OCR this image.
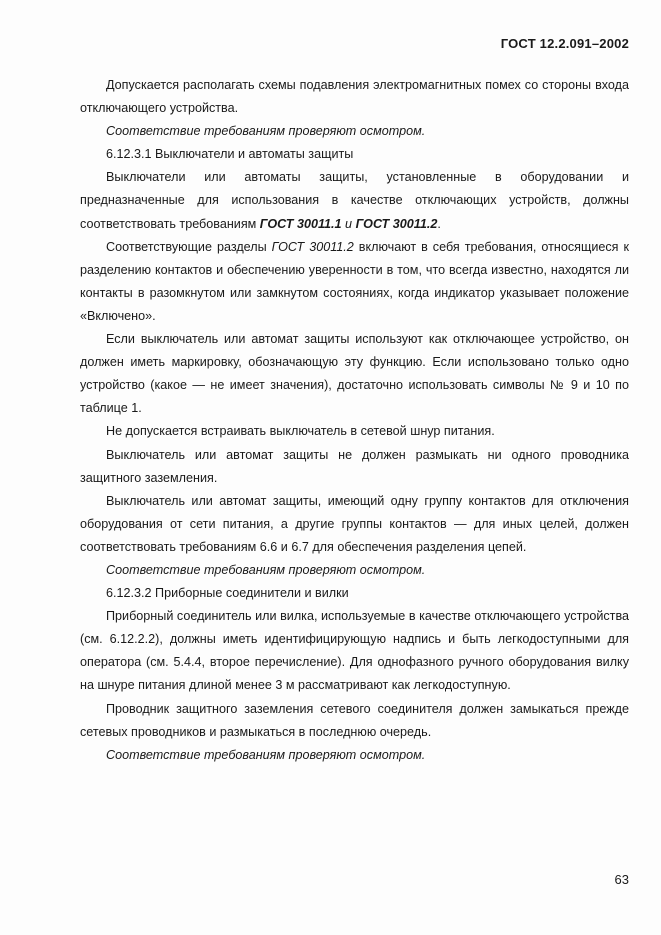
ГОСТ 12.2.091–2002

Допускается располагать схемы подавления электромагнитных помех со стороны входа отключающего устройства.

Соответствие требованиям проверяют осмотром.

6.12.3.1 Выключатели и автоматы защиты

Выключатели или автоматы защиты, установленные в оборудовании и предназначенные для использования в качестве отключающих устройств, должны соответствовать требованиям ГОСТ 30011.1 и ГОСТ 30011.2.

Соответствующие разделы ГОСТ 30011.2 включают в себя требования, относящиеся к разделению контактов и обеспечению уверенности в том, что всегда известно, находятся ли контакты в разомкнутом или замкнутом состояниях, когда индикатор указывает положение «Включено».

Если выключатель или автомат защиты используют как отключающее устройство, он должен иметь маркировку, обозначающую эту функцию. Если использовано только одно устройство (какое — не имеет значения), достаточно использовать символы № 9 и 10 по таблице 1.

Не допускается встраивать выключатель в сетевой шнур питания.

Выключатель или автомат защиты не должен размыкать ни одного проводника защитного заземления.

Выключатель или автомат защиты, имеющий одну группу контактов для отключения оборудования от сети питания, а другие группы контактов — для иных целей, должен соответствовать требованиям 6.6 и 6.7 для обеспечения разделения цепей.

Соответствие требованиям проверяют осмотром.

6.12.3.2 Приборные соединители и вилки

Приборный соединитель или вилка, используемые в качестве отключающего устройства (см. 6.12.2.2), должны иметь идентифицирующую надпись и быть легкодоступными для оператора (см. 5.4.4, второе перечисление). Для однофазного ручного оборудования вилку на шнуре питания длиной менее 3 м рассматривают как легкодоступную.

Проводник защитного заземления сетевого соединителя должен замыкаться прежде сетевых проводников и размыкаться в последнюю очередь.

Соответствие требованиям проверяют осмотром.

63
